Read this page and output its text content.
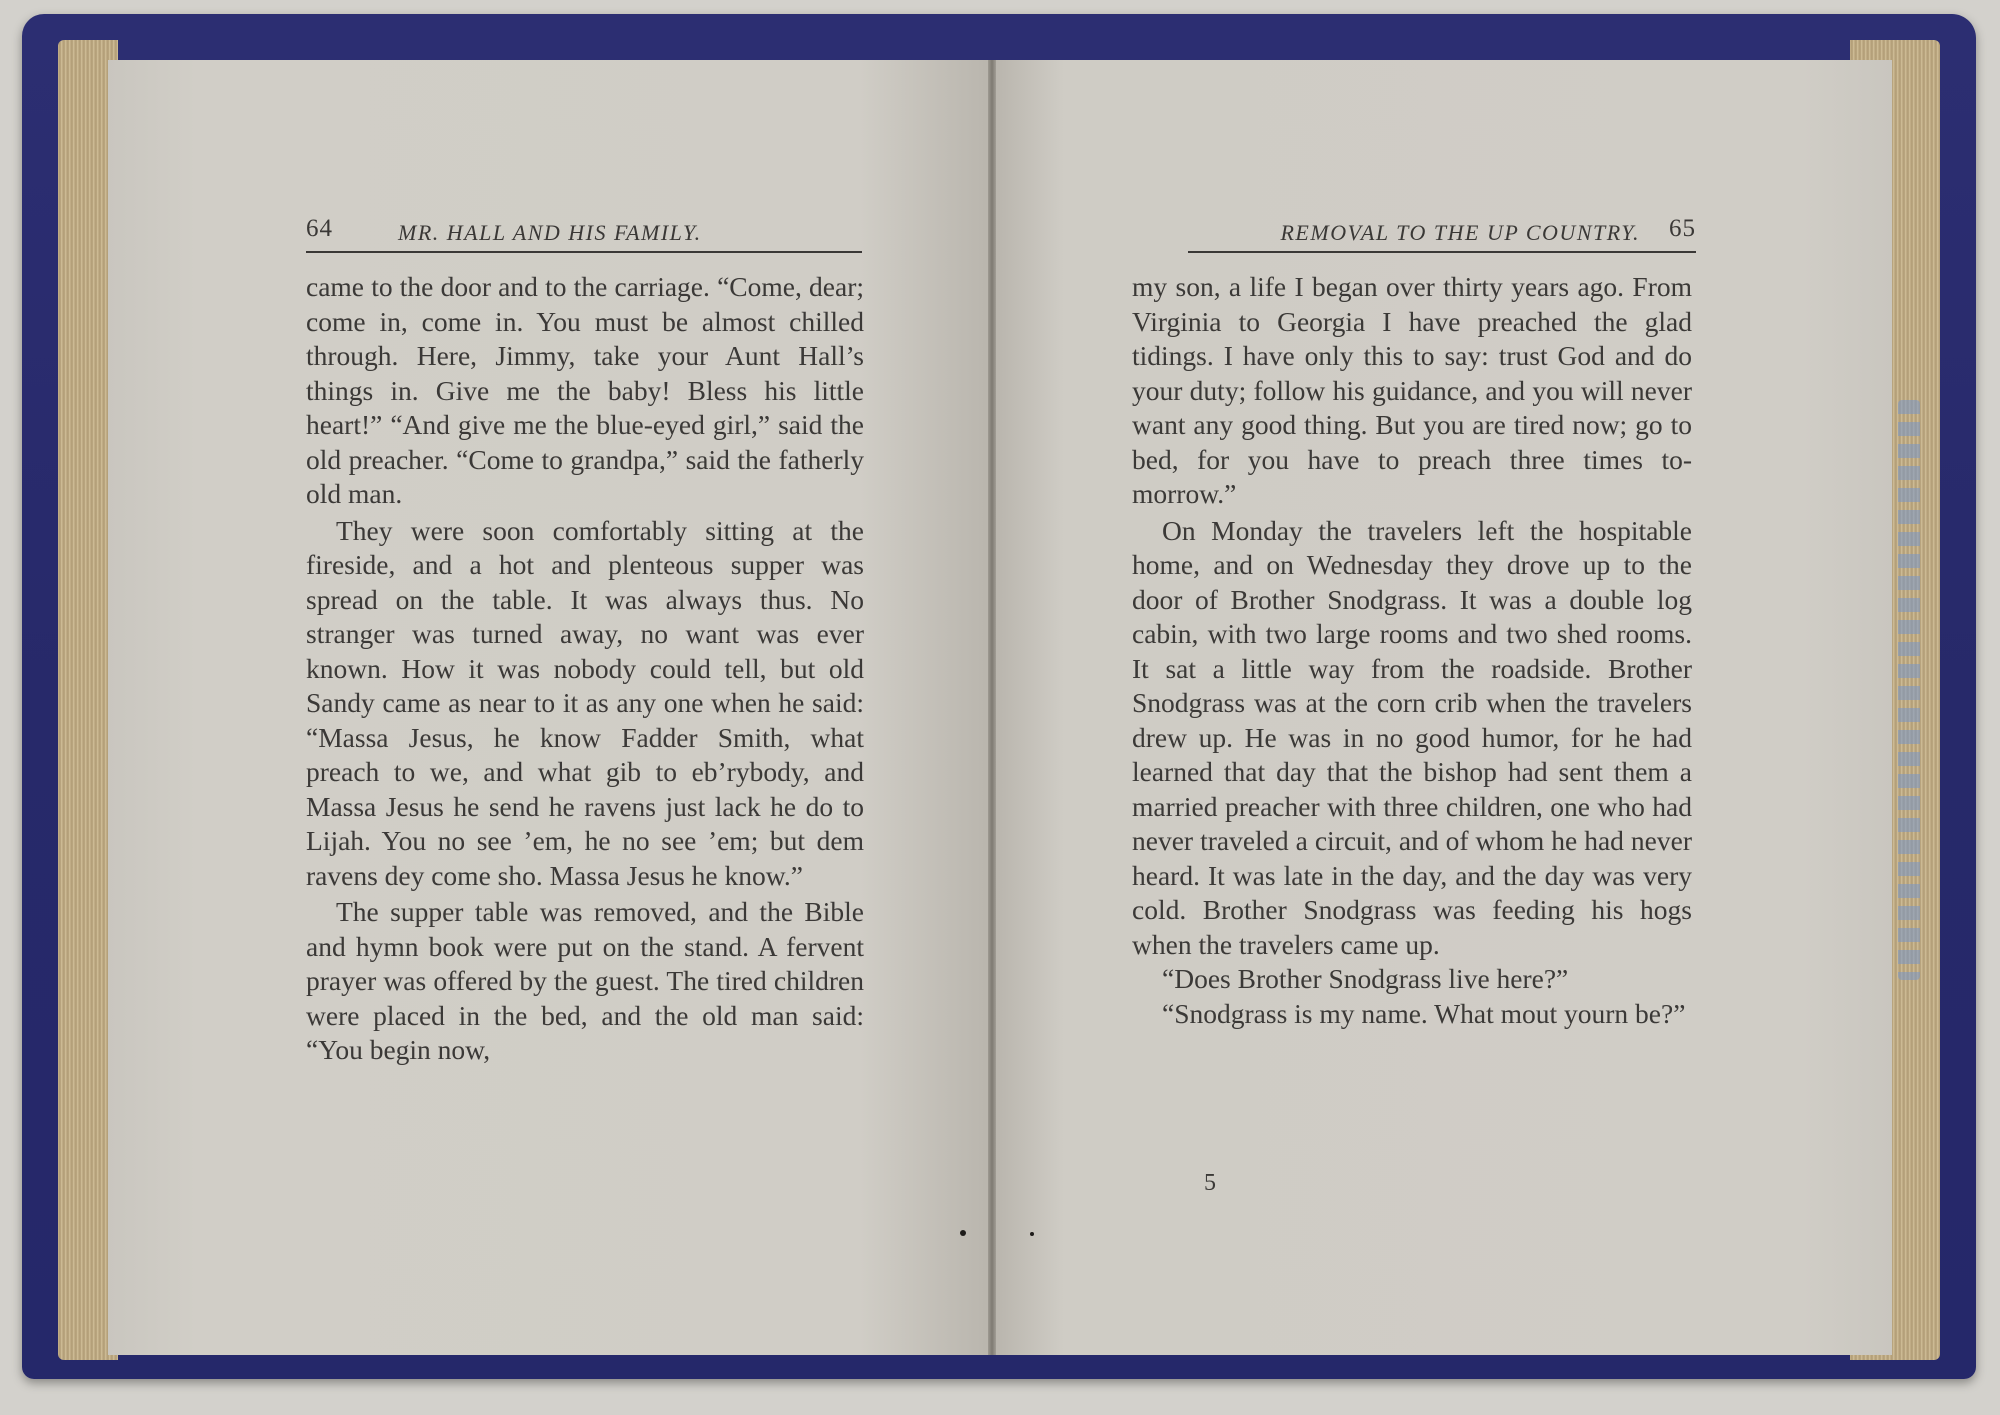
64	MR. HALL AND HIS FAMILY.	REMOVAL TO THE UP COUNTRY. 65

came to the door and to the carriage. “Come, dear; come in, come in. You must be almost chilled through. Here, Jimmy, take your Aunt Hall’s things in. Give me the baby! Bless his little heart!” “And give me the blue-eyed girl,” said the old preacher. “Come to grandpa,” said the fatherly old man.

They were soon comfortably sitting at the fireside, and a hot and plenteous supper was spread on the table. It was always thus. No stranger was turned away, no want was ever known. How it was nobody could tell, but old Sandy came as near to it as any one when he said: “Massa Jesus, he know Fadder Smith, what preach to we, and what gib to eb’rybody, and Massa Jesus he send he ravens just lack he do to Lijah. You no see ’em, he no see ’em; but dem ravens dey come sho. Massa Jesus he know.”

The supper table was removed, and the Bible and hymn book were put on the stand. A fervent prayer was offered by the guest. The tired children were placed in the bed, and the old man said: “You begin now,

my son, a life I began over thirty years ago. From Virginia to Georgia I have preached the glad tidings. I have only this to say: trust God and do your duty; follow his guidance, and you will never want any good thing. But you are tired now; go to bed, for you have to preach three times to-morrow.”

On Monday the travelers left the hospitable home, and on Wednesday they drove up to the door of Brother Snodgrass. It was a double log cabin, with two large rooms and two shed rooms. It sat a little way from the roadside. Brother Snodgrass was at the corn crib when the travelers drew up. He was in no good humor, for he had learned that day that the bishop had sent them a married preacher with three children, one who had never traveled a circuit, and of whom he had never heard. It was late in the day, and the day was very cold. Brother Snodgrass was feeding his hogs when the travelers came up.

“Does Brother Snodgrass live here?”

“Snodgrass is my name. What mout yourn be?”

5
